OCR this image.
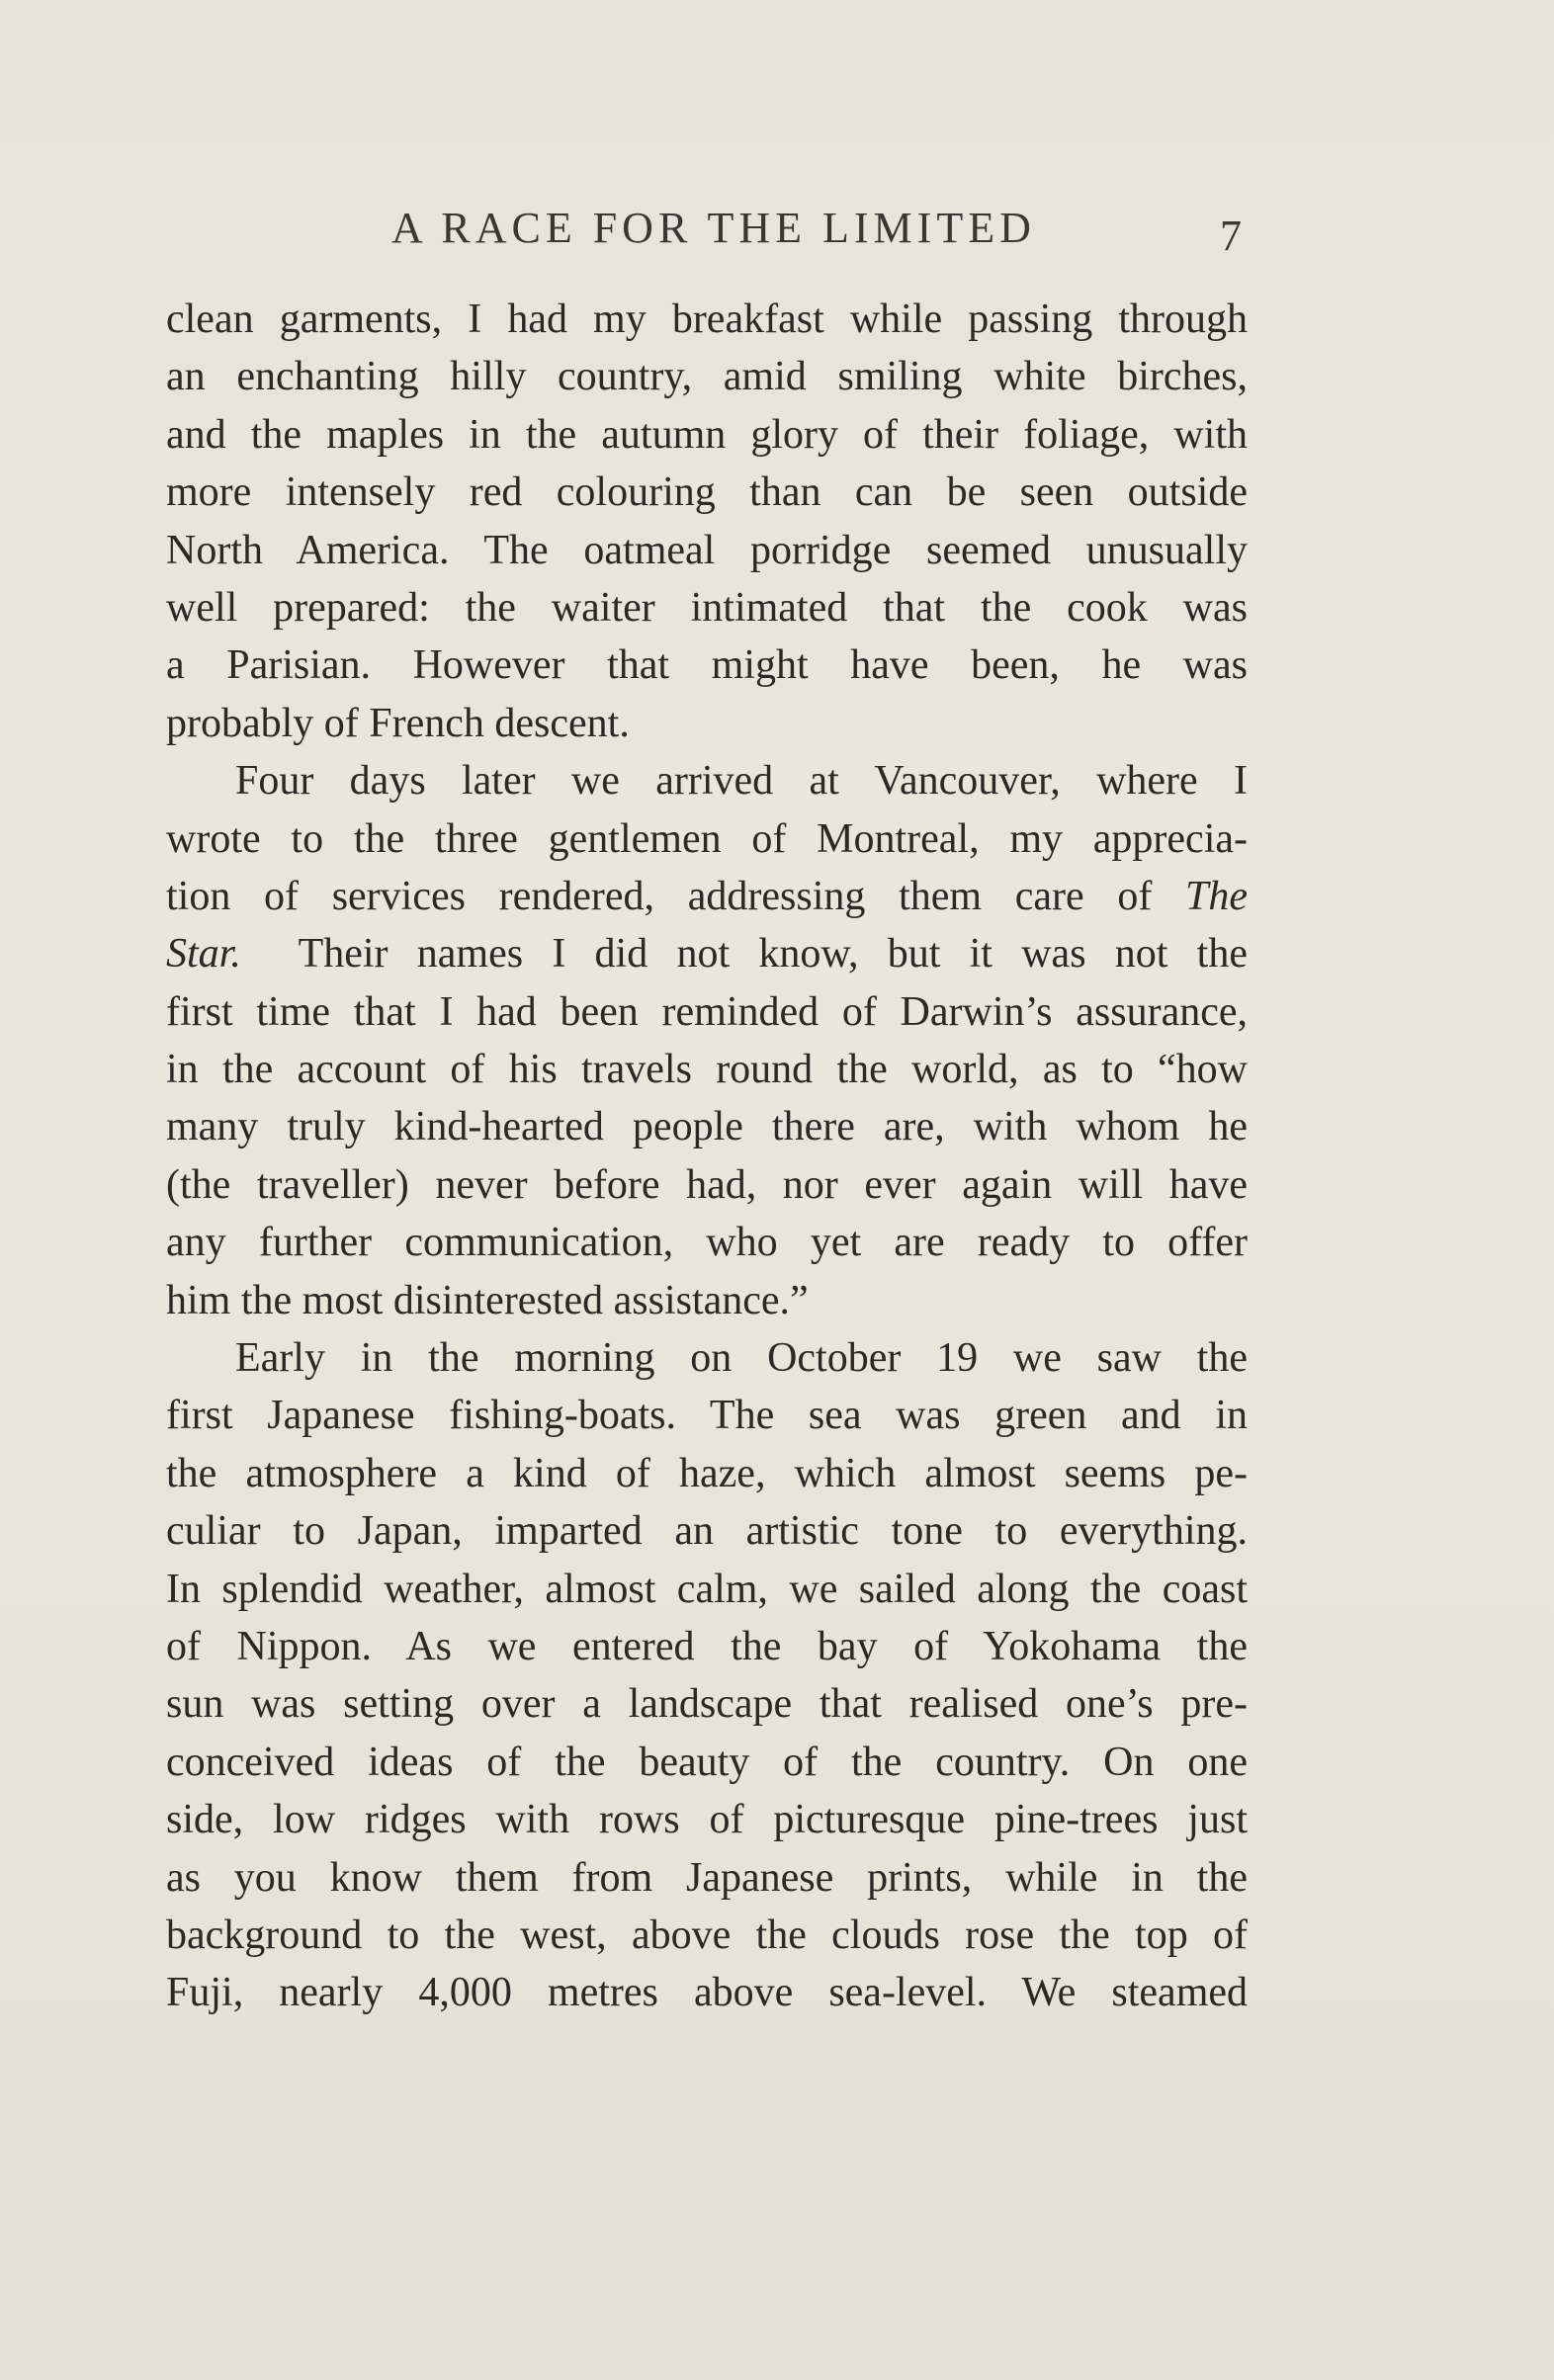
A RACE FOR THE LIMITED	7
clean garments, I had my breakfast while passing through
an enchanting hilly country, amid smiling white birches,
and the maples in the autumn glory of their foliage, with
more intensely red colouring than can be seen outside
North America. The oatmeal porridge seemed unusually
well prepared: the waiter intimated that the cook was
a Parisian. However that might have been, he was
probably of French descent.
Four days later we arrived at Vancouver, where I
wrote to the three gentlemen of Montreal, my apprecia-
tion of services rendered, addressing them care of The
Star. Their names I did not know, but it was not the
first time that I had been reminded of Darwin’s assurance,
in the account of his travels round the world, as to “how
many truly kind-hearted people there are, with whom he
(the traveller) never before had, nor ever again will have
any further communication, who yet are ready to offer
him the most disinterested assistance.”
Early in the morning on October 19 we saw the
first Japanese fishing-boats. The sea was green and in
the atmosphere a kind of haze, which almost seems pe-
culiar to Japan, imparted an artistic tone to everything.
In splendid weather, almost calm, we sailed along the coast
of Nippon. As we entered the bay of Yokohama the
sun was setting over a landscape that realised one’s pre-
conceived ideas of the beauty of the country. On one
side, low ridges with rows of picturesque pine-trees just
as you know them from Japanese prints, while in the
background to the west, above the clouds rose the top of
Fuji, nearly 4,000 metres above sea-level. We steamed
